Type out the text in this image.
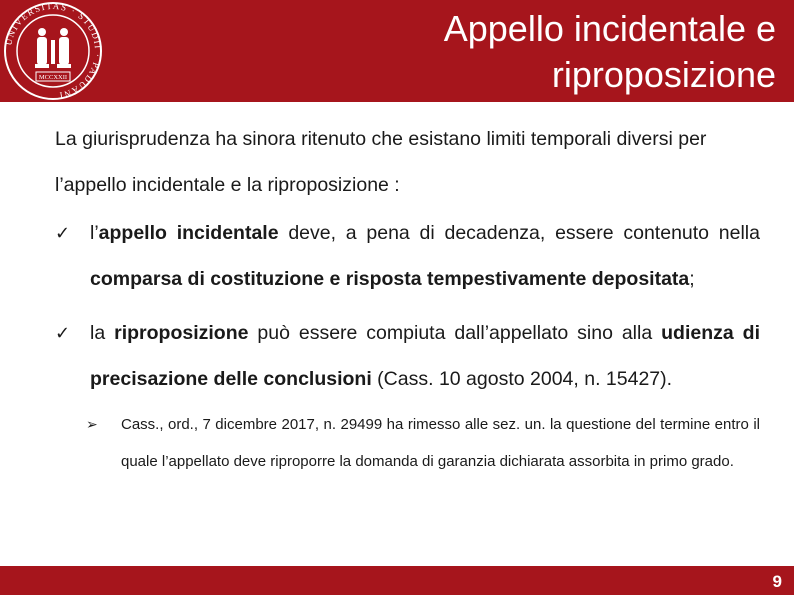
UNIVERSITAS · STUDII · PADUANI
MCCXXII
Appello incidentale e
riproposizione

La giurisprudenza ha sinora ritenuto che esistano limiti temporali diversi per l’appello incidentale e la riproposizione :

✓ l’appello incidentale deve, a pena di decadenza, essere contenuto nella comparsa di costituzione e risposta tempestivamente depositata;
✓ la riproposizione può essere compiuta dall’appellato sino alla udienza di precisazione delle conclusioni (Cass. 10 agosto 2004, n. 15427).
➢ Cass., ord., 7 dicembre 2017, n. 29499 ha rimesso alle sez. un. la questione del termine entro il quale l’appellato deve riproporre la domanda di garanzia dichiarata assorbita in primo grado.
9
